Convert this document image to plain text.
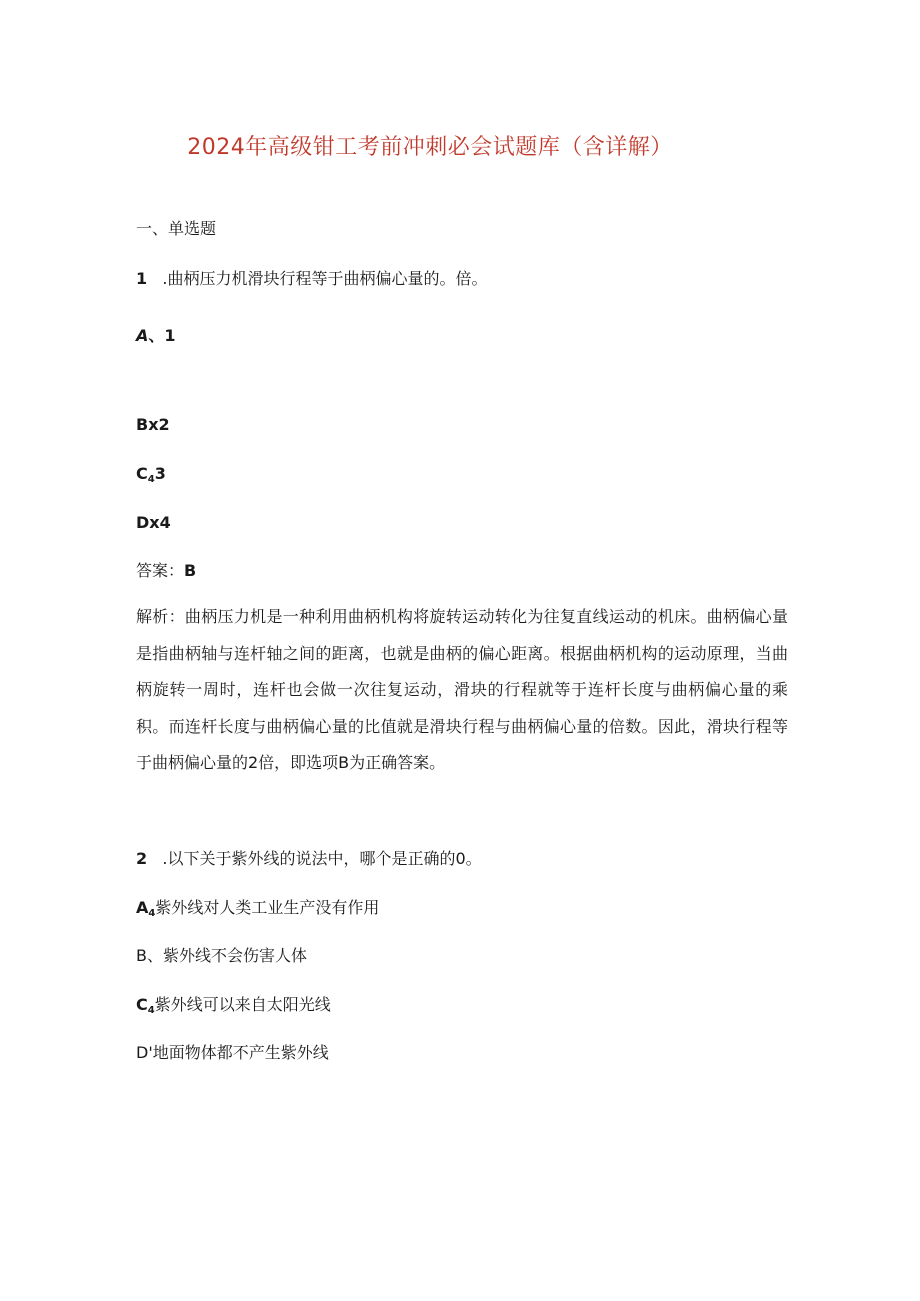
2024年高级钳工考前冲刺必会试题库（含详解）
一、单选题
1 .曲柄压力机滑块行程等于曲柄偏心量的。倍。
A、1
Bx2
$C_43$
Dx4
答案：B
解析：曲柄压力机是一种利用曲柄机构将旋转运动转化为往复直线运动的机床。曲柄偏心量是指曲柄轴与连杆轴之间的距离，也就是曲柄的偏心距离。根据曲柄机构的运动原理，当曲柄旋转一周时，连杆也会做一次往复运动，滑块的行程就等于连杆长度与曲柄偏心量的乘积。而连杆长度与曲柄偏心量的比值就是滑块行程与曲柄偏心量的倍数。因此，滑块行程等于曲柄偏心量的2倍，即选项B为正确答案。
2 .以下关于紫外线的说法中，哪个是正确的0。
$A_4$紫外线对人类工业生产没有作用
B、紫外线不会伤害人体
$C_4$紫外线可以来自太阳光线
D'地面物体都不产生紫外线
